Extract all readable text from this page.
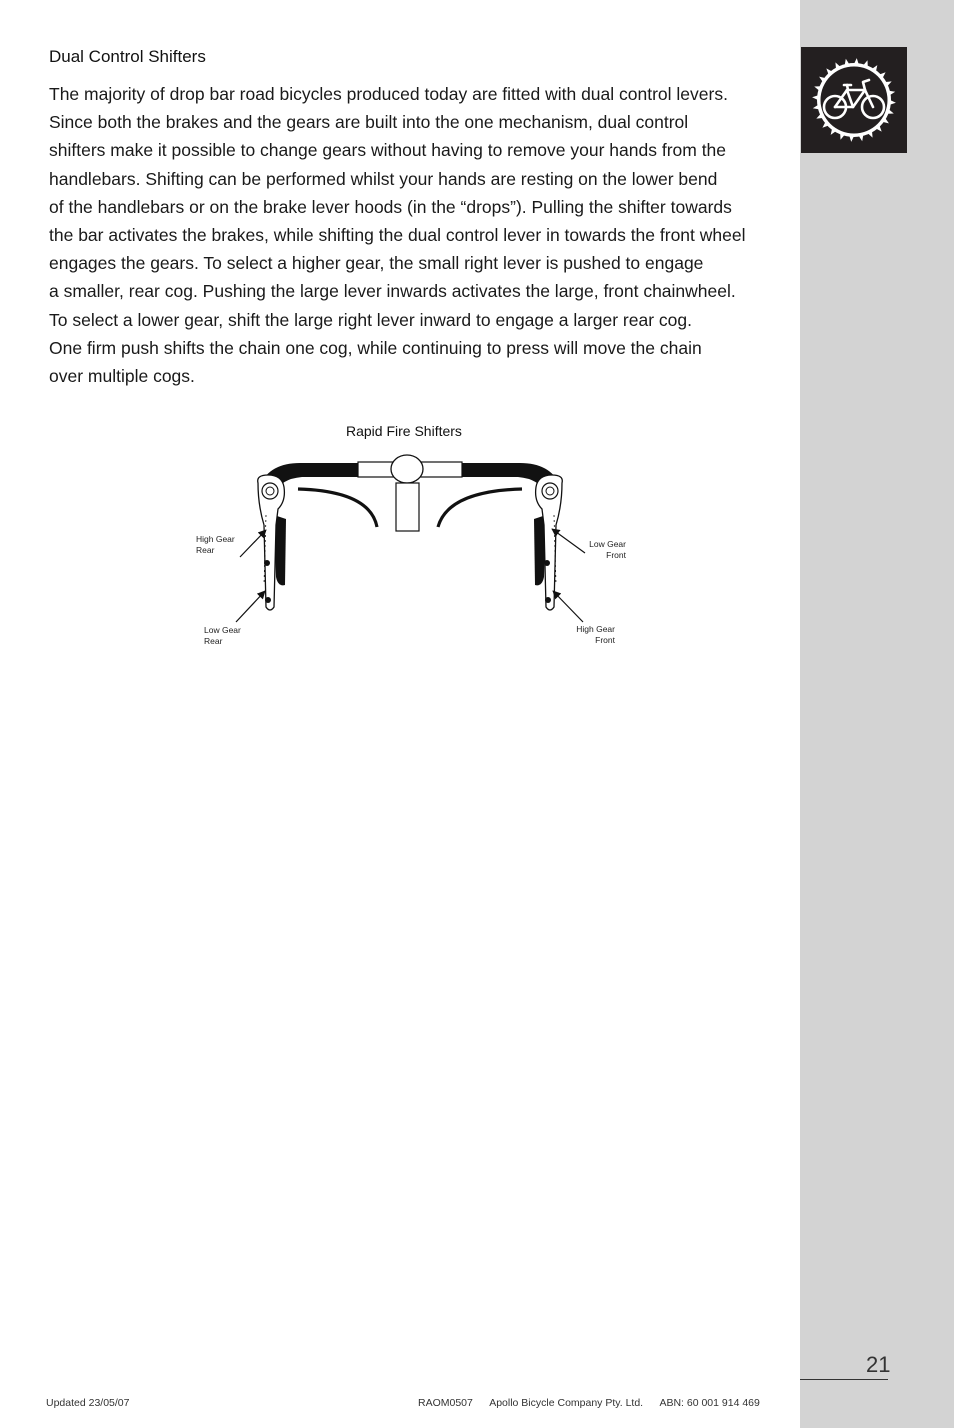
Dual Control Shifters
The majority of drop bar road bicycles produced today are fitted with dual control levers.
Since both the brakes and the gears are built into the one mechanism, dual control
shifters make it possible to change gears without having to remove your hands from the
handlebars. Shifting can be performed whilst your hands are resting on the lower bend
of the handlebars or on the brake lever hoods (in the “drops”). Pulling the shifter towards
the bar activates the brakes, while shifting the dual control lever in towards the front wheel
engages the gears. To select a higher gear, the small right lever is pushed to engage
a smaller, rear cog. Pushing the large lever inwards activates the large, front chainwheel.
To select a lower gear, shift the large right lever inward to engage a larger rear cog.
One firm push shifts the chain one cog, while continuing to press will move the chain
over multiple cogs.
Rapid Fire Shifters
High Gear
Rear
Low Gear
Rear
Low Gear
Front
High Gear
Front
21
Updated 23/05/07	RAOM0507 Apollo Bicycle Company Pty. Ltd. ABN: 60 001 914 469
